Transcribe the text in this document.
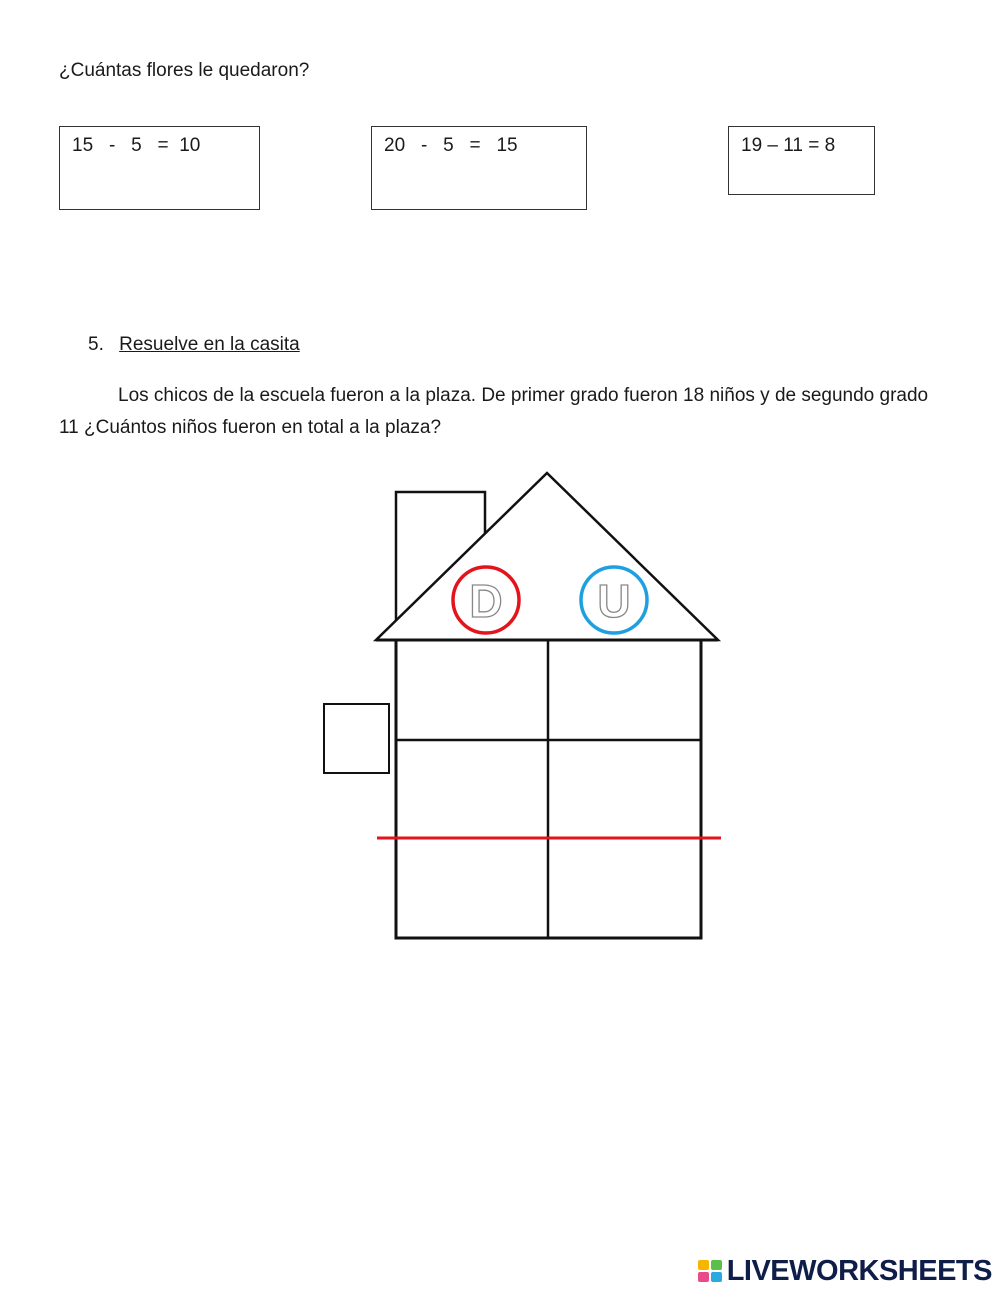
¿Cuántas flores le quedaron?
15   -   5   =  10	20   -   5   =   15	19 – 11 = 8
5. Resuelve en la casita
Los chicos de la escuela fueron a la plaza. De primer grado fueron 18 niños y de segundo grado 11 ¿Cuántos niños fueron en total a la plaza?
D U
LIVEWORKSHEETS
